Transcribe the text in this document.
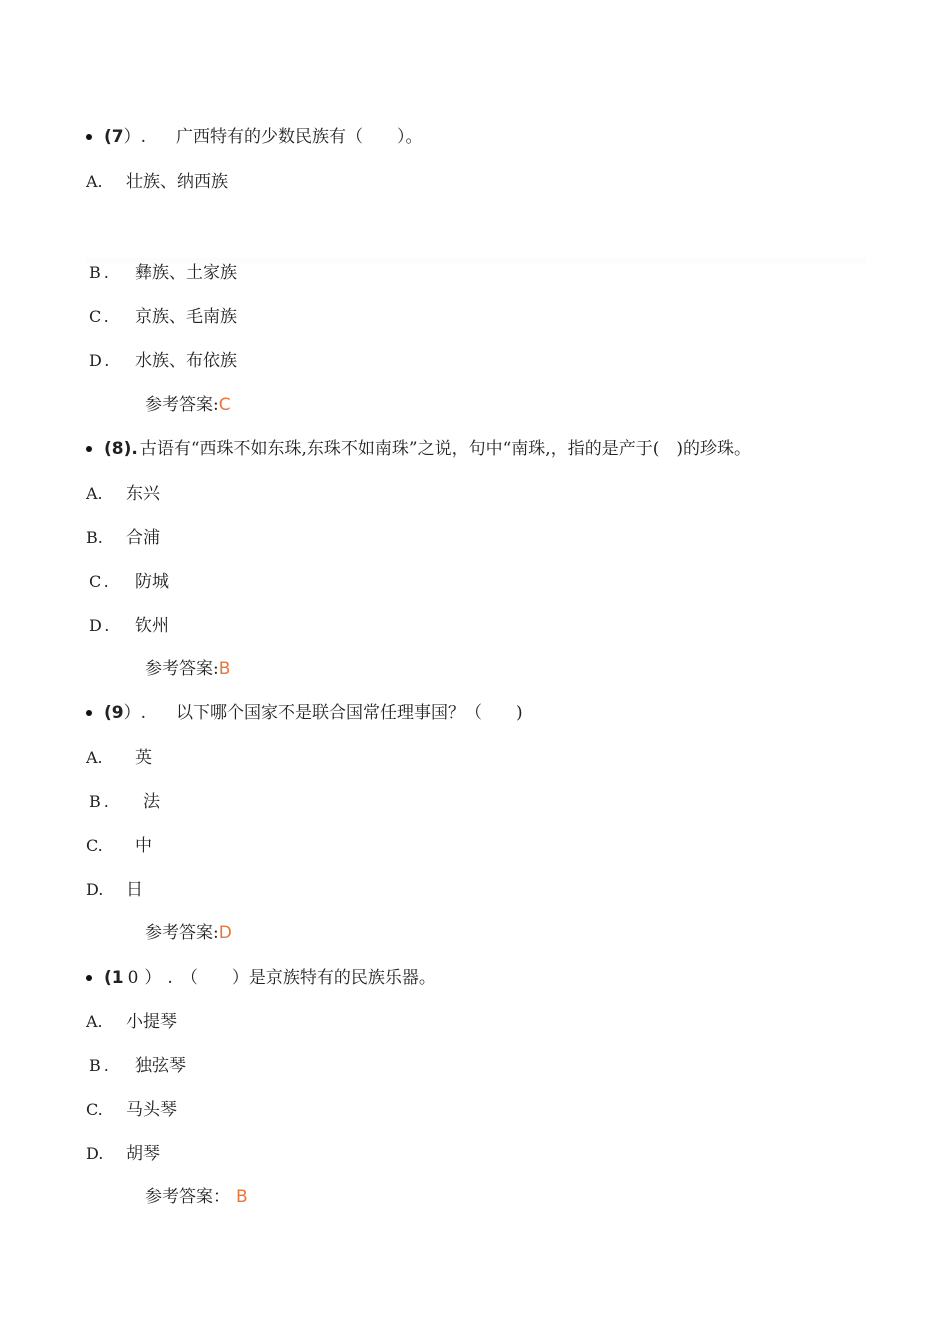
(7）. 广西特有的少数民族有（　　）。
A. 壮族、纳西族
B. 彝族、土家族
C. 京族、毛南族
D. 水族、布依族
参考答案:C
(8). 古语有“西珠不如东珠,东珠不如南珠”之说，句中“南珠,，指的是产于(　)的珍珠。
A. 东兴
B. 合浦
C. 防城
D. 钦州
参考答案:B
(9）. 以下哪个国家不是联合国常任理事国？（　　)
A. 英
B. 法
C. 中
D. 日
参考答案:D
(1 0）. （　　）是京族特有的民族乐器。
A. 小提琴
B. 独弦琴
C. 马头琴
D. 胡琴
参考答案： B
